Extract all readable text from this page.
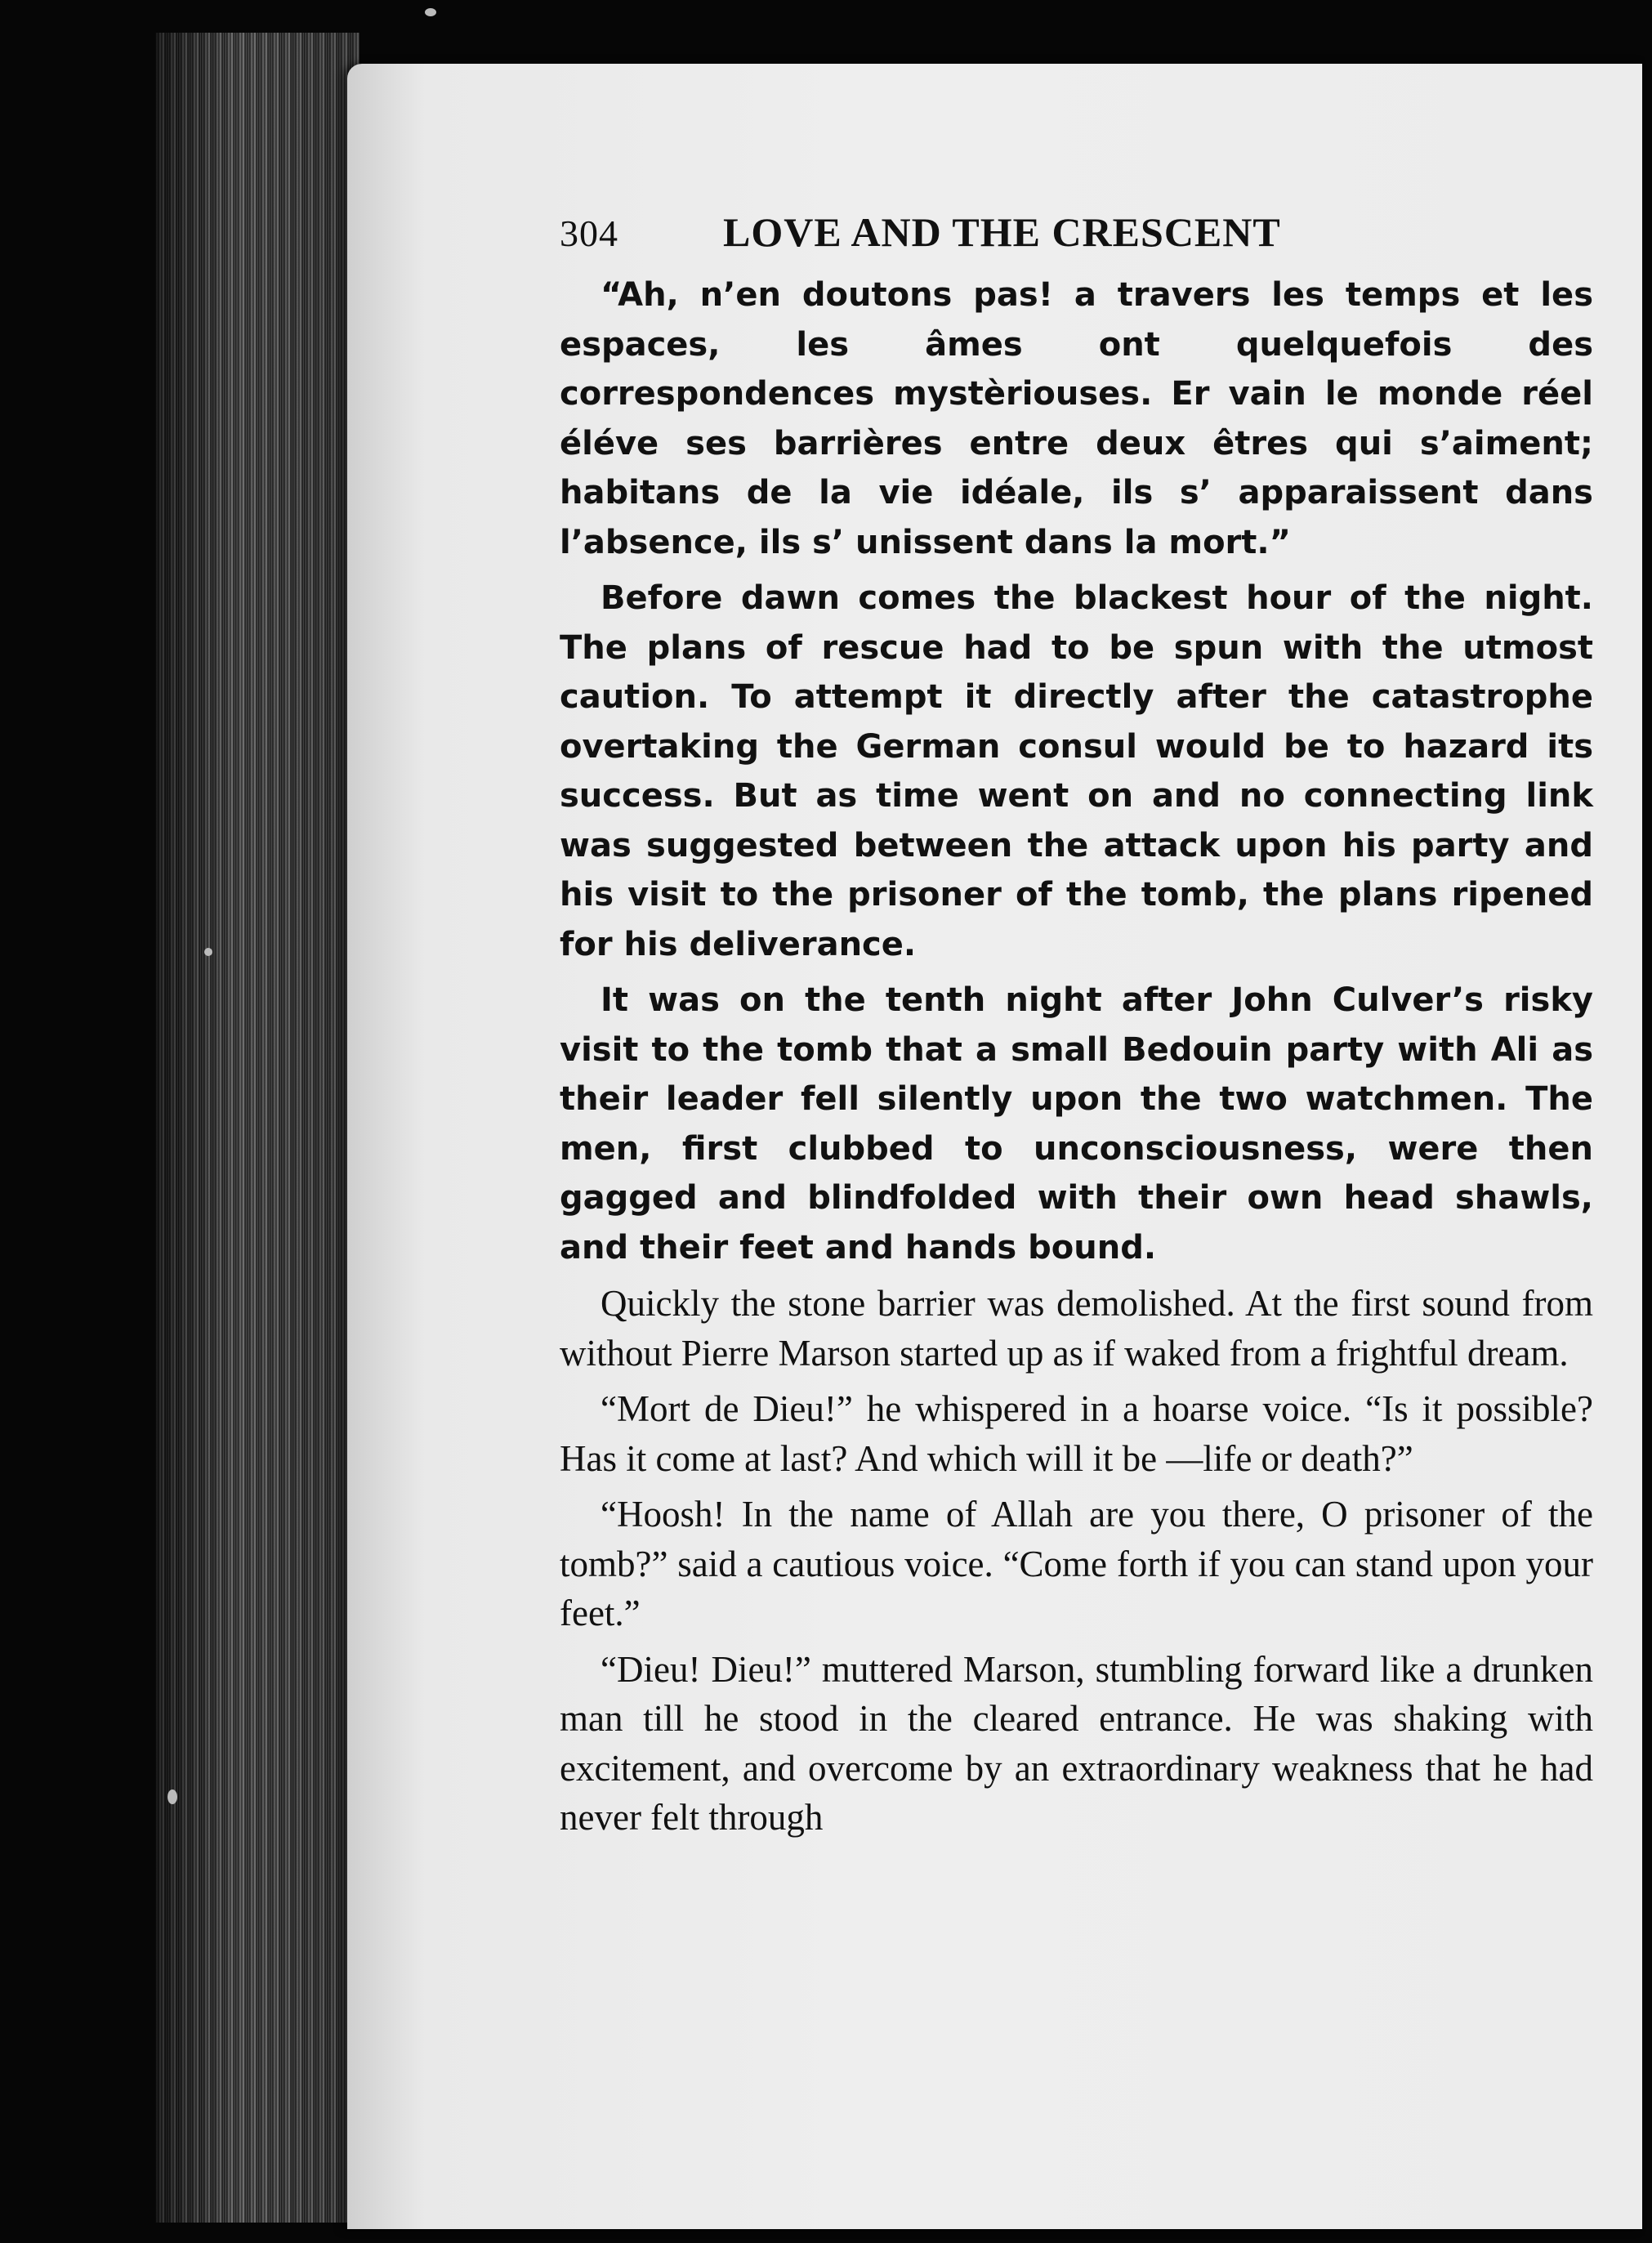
304	LOVE AND THE CRESCENT

“Ah, n’en doutons pas! a travers les temps et les espaces, les âmes ont quelquefois des correspondences mystèriouses. Er vain le monde réel éléve ses barrières entre deux êtres qui s’aiment; habitans de la vie idéale, ils s’ apparaissent dans l’absence, ils s’ unissent dans la mort.”

Before dawn comes the blackest hour of the night. The plans of rescue had to be spun with the utmost caution. To attempt it directly after the catastrophe overtaking the German consul would be to hazard its success. But as time went on and no connecting link was suggested between the attack upon his party and his visit to the prisoner of the tomb, the plans ripened for his deliverance.

It was on the tenth night after John Culver’s risky visit to the tomb that a small Bedouin party with Ali as their leader fell silently upon the two watchmen. The men, first clubbed to unconsciousness, were then gagged and blindfolded with their own head shawls, and their feet and hands bound.

Quickly the stone barrier was demolished. At the first sound from without Pierre Marson started up as if waked from a frightful dream.

“Mort de Dieu!” he whispered in a hoarse voice. “Is it possible? Has it come at last? And which will it be —life or death?”

“Hoosh! In the name of Allah are you there, O prisoner of the tomb?” said a cautious voice. “Come forth if you can stand upon your feet.”

“Dieu! Dieu!” muttered Marson, stumbling forward like a drunken man till he stood in the cleared entrance. He was shaking with excitement, and overcome by an extraordinary weakness that he had never felt through
